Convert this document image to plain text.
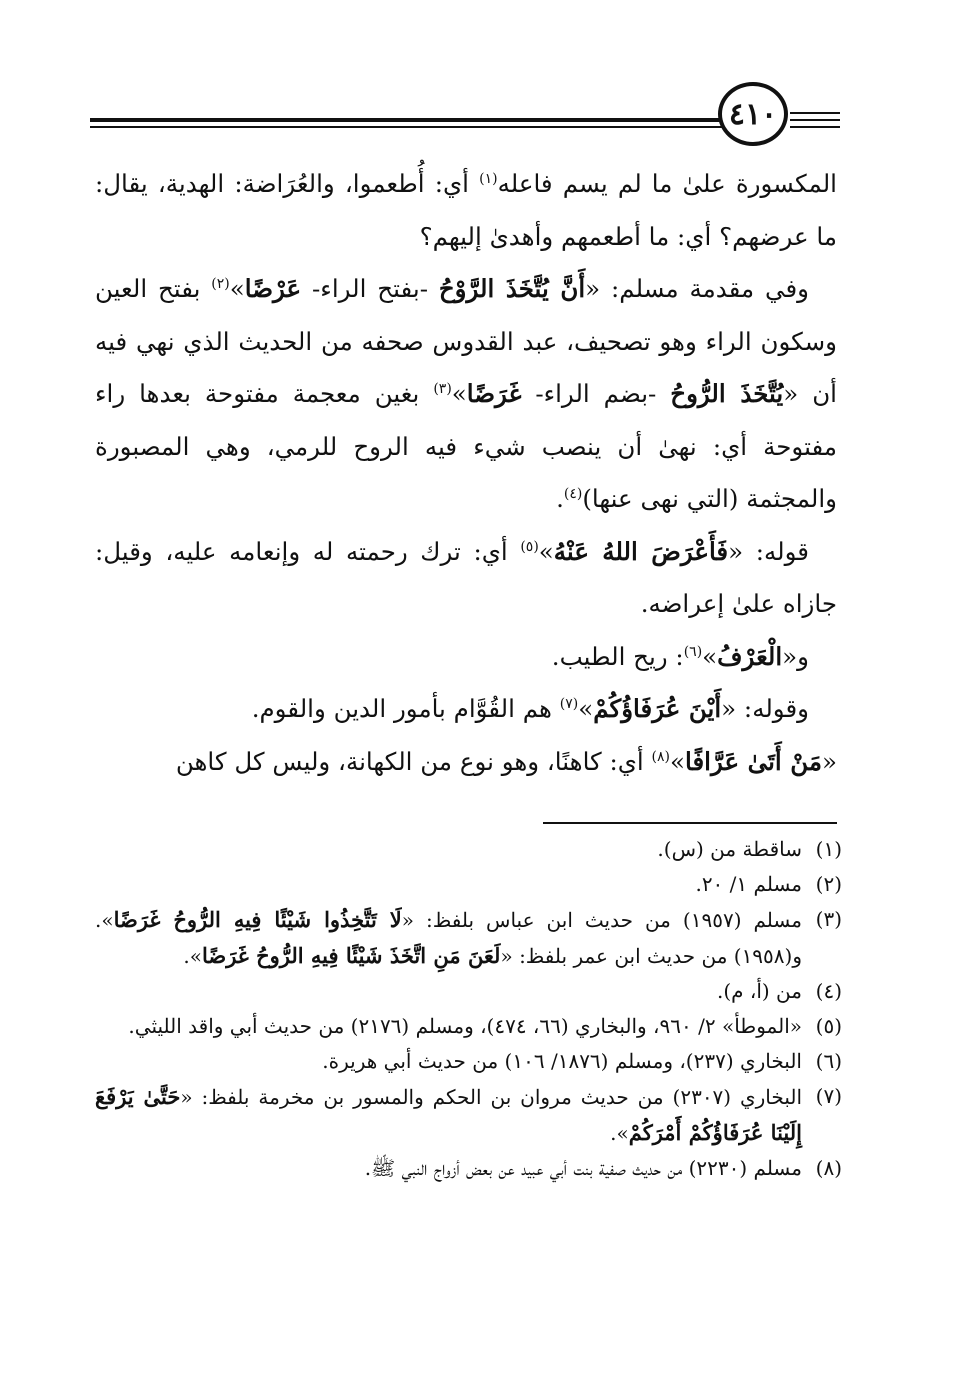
٤١٠

المكسورة علىٰ ما لم يسم فاعله$^{(١)}$ أي: أُطعموا، والعُرَاضة: الهدية، يقال: ما عرضهم؟ أي: ما أطعمهم وأهدىٰ إليهم؟

وفي مقدمة مسلم: «أَنَّ يُتَّخَذَ الرَّوْحُ -بفتح الراء- عَرْضًا»$^{(٢)}$ بفتح العين وسكون الراء وهو تصحيف، عبد القدوس صحفه من الحديث الذي نهي فيه أن «يُتَّخَذَ الرُّوحُ -بضم الراء- غَرَضًا»$^{(٣)}$ بغين معجمة مفتوحة بعدها راء مفتوحة أي: نهىٰ أن ينصب شيء فيه الروح للرمي، وهي المصبورة والمجثمة (التي نهى عنها)$^{(٤)}$.

قوله: «فَأَعْرَضَ اللهُ عَنْهُ»$^{(٥)}$ أي: ترك رحمته له وإنعامه عليه، وقيل: جازاه علىٰ إعراضه.

و«الْعَرْفُ»$^{(٦)}$: ريح الطيب.

وقوله: «أَيْنَ عُرَفَاؤُكُمْ»$^{(٧)}$ هم القُوَّام بأمور الدين والقوم.

«مَنْ أَتَىٰ عَرَّافًا»$^{(٨)}$ أي: كاهنًا، وهو نوع من الكهانة، وليس كل كاهن

(١)
ساقطة من (س).
(٢)
مسلم ١/ ٢٠.
(٣)
مسلم (١٩٥٧) من حديث ابن عباس بلفظ: «لَا تَتَّخِذُوا شَيْئًا فِيهِ الرُّوحُ غَرَضًا». و(١٩٥٨) من حديث ابن عمر بلفظ: «لَعَنَ مَنِ اتَّخَذَ شَيْئًا فِيهِ الرُّوحُ غَرَضًا».
(٤)
من (أ، م).
(٥)
«الموطأ» ٢/ ٩٦٠، والبخاري (٦٦، ٤٧٤)، ومسلم (٢١٧٦) من حديث أبي واقد الليثي.
(٦)
البخاري (٢٣٧)، ومسلم (١٨٧٦/ ١٠٦) من حديث أبي هريرة.
(٧)
البخاري (٢٣٠٧) من حديث مروان بن الحكم والمسور بن مخرمة بلفظ: «حَتَّىٰ يَرْفَعَ إِلَيْنَا عُرَفَاؤُكُمْ أَمْرَكُمْ».
(٨)
مسلم (٢٢٣٠) من حديث صفية بنت أبي عبيد عن بعض أزواج النبي ﷺ.
